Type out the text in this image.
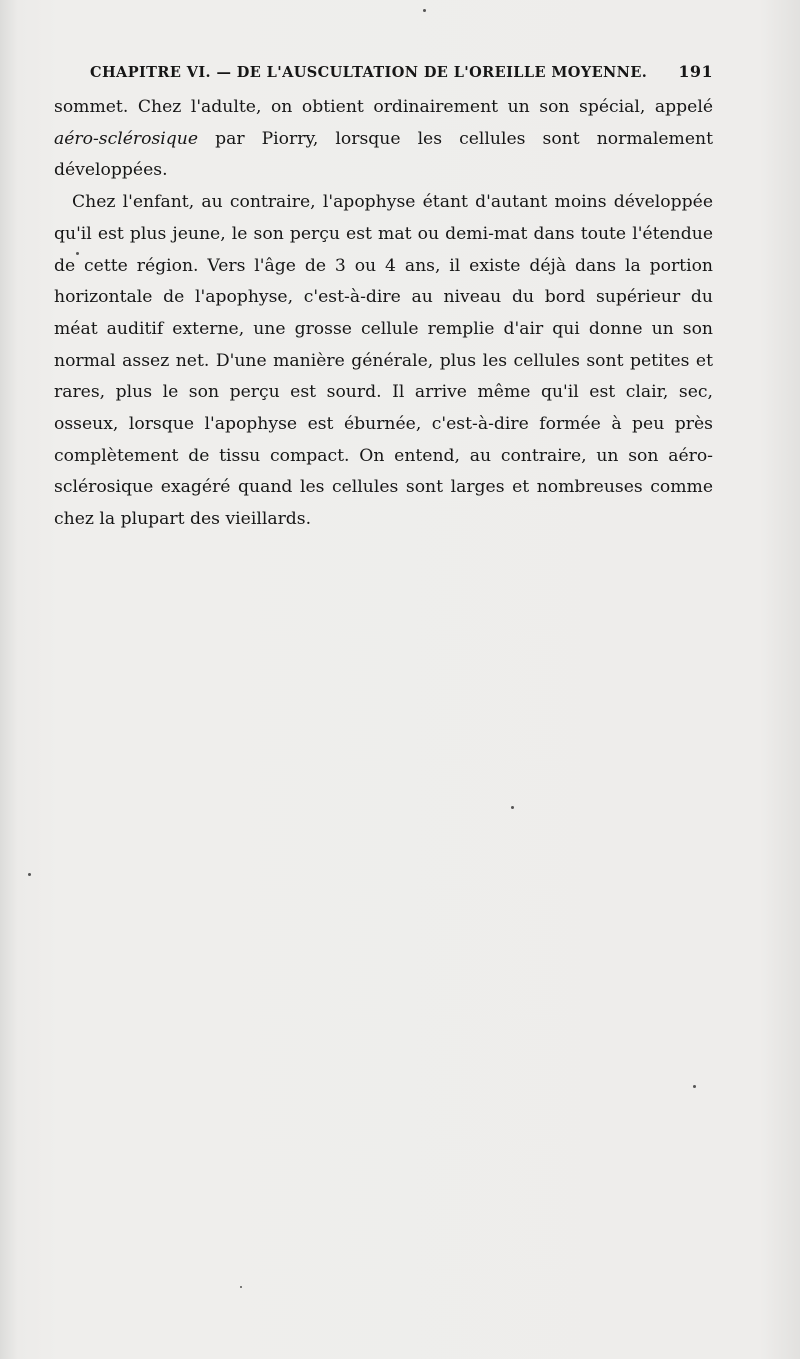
CHAPITRE VI. — DE L'AUSCULTATION DE L'OREILLE MOYENNE. 191

sommet. Chez l'adulte, on obtient ordinairement un son spécial, appelé aéro-sclérosique par Piorry, lorsque les cellules sont normalement développées.

Chez l'enfant, au contraire, l'apophyse étant d'autant moins développée qu'il est plus jeune, le son perçu est mat ou demi-mat dans toute l'étendue de cette région. Vers l'âge de 3 ou 4 ans, il existe déjà dans la portion horizontale de l'apophyse, c'est-à-dire au niveau du bord supérieur du méat auditif externe, une grosse cellule remplie d'air qui donne un son normal assez net. D'une manière générale, plus les cellules sont petites et rares, plus le son perçu est sourd. Il arrive même qu'il est clair, sec, osseux, lorsque l'apophyse est éburnée, c'est-à-dire formée à peu près complètement de tissu compact. On entend, au contraire, un son aéro-sclérosique exagéré quand les cellules sont larges et nombreuses comme chez la plupart des vieillards.
